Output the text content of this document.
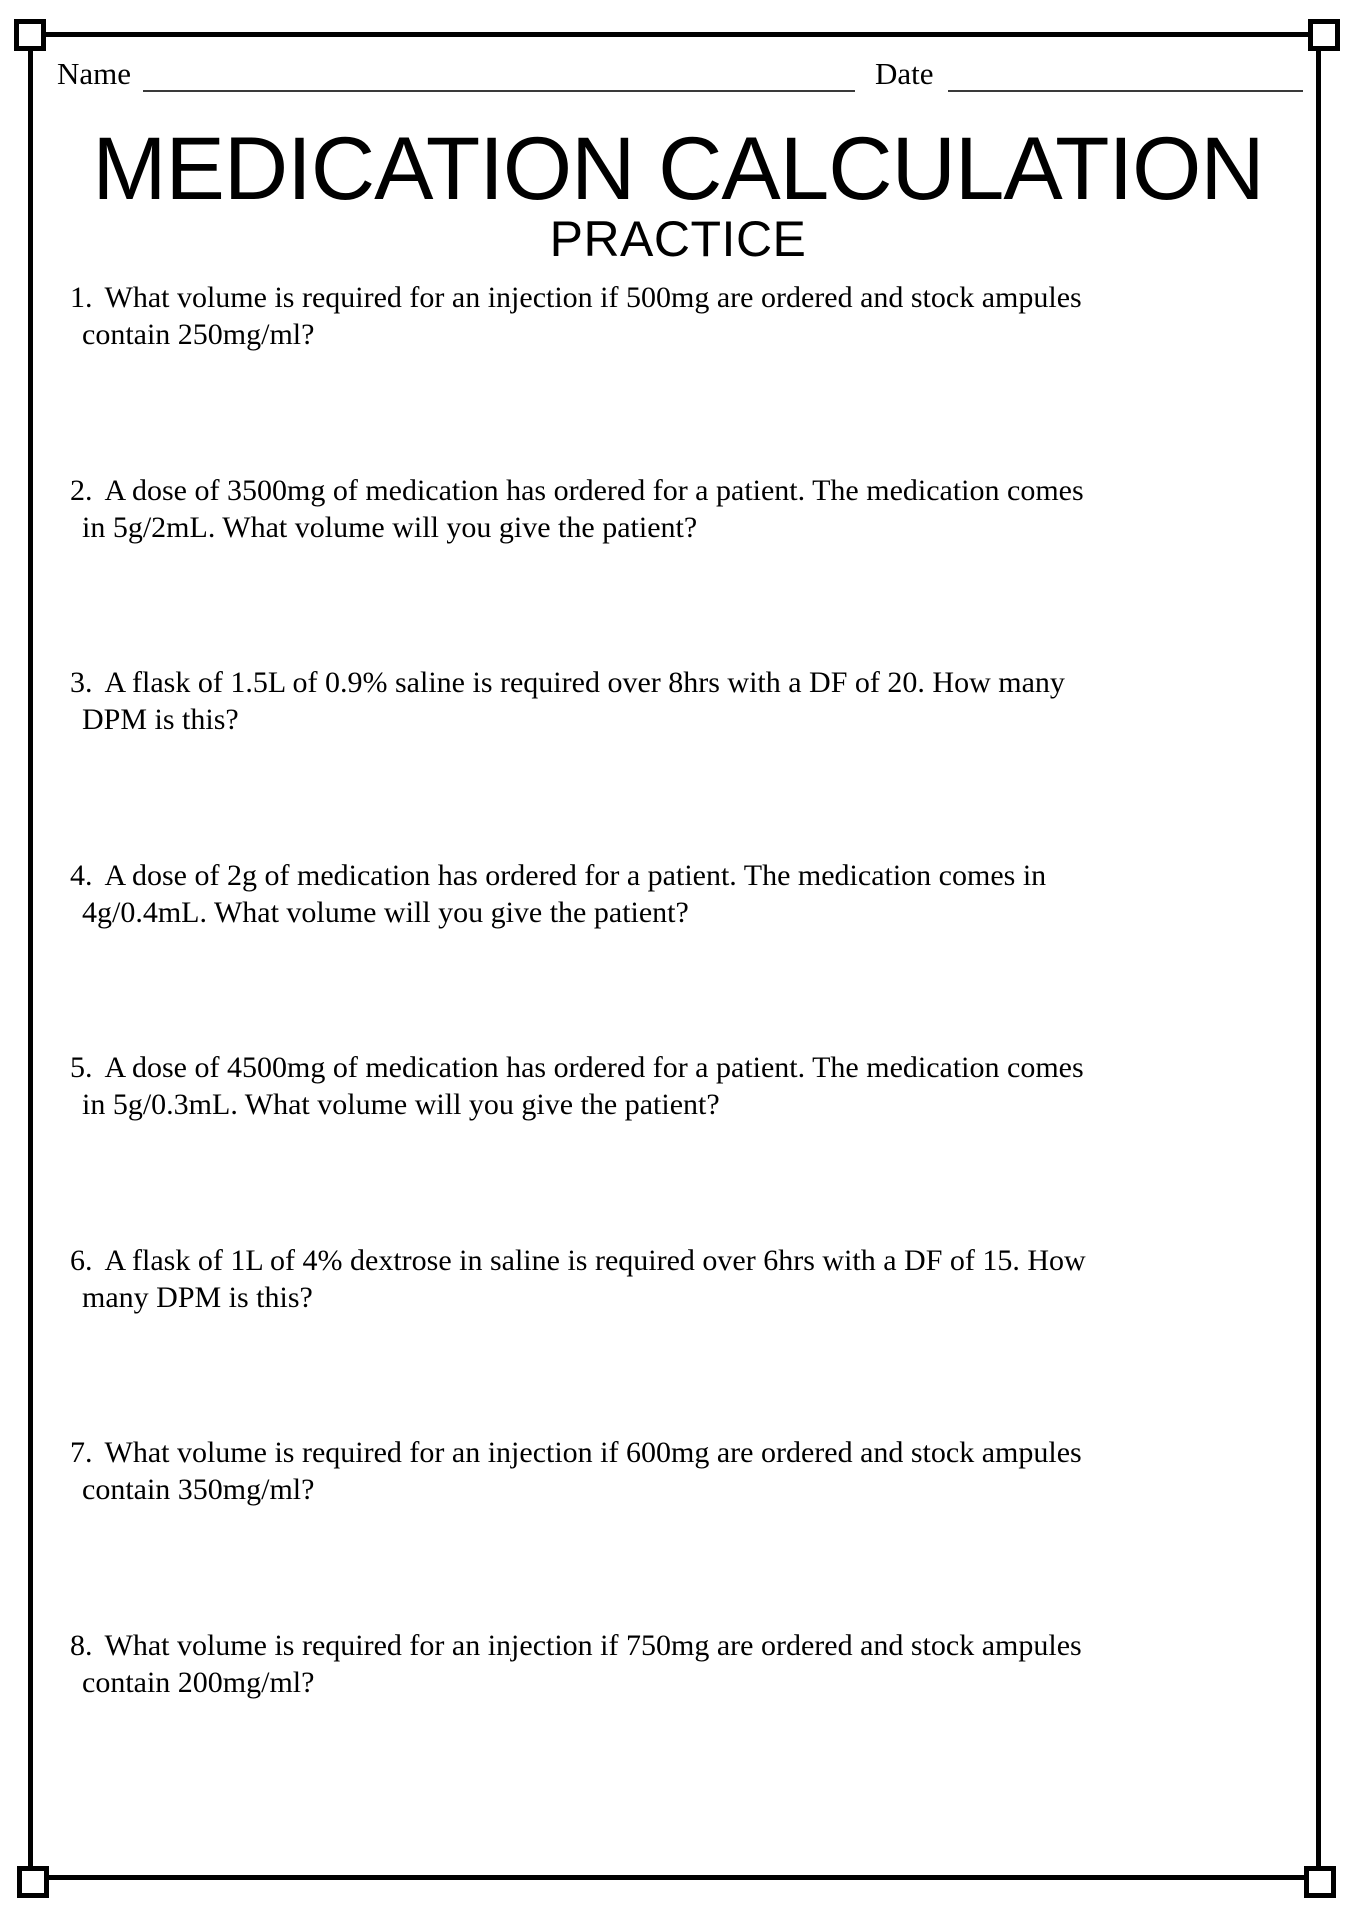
Name	Date
MEDICATION CALCULATION
PRACTICE
1. What volume is required for an injection if 500mg are ordered and stock ampules
contain 250mg/ml?
2. A dose of 3500mg of medication has ordered for a patient. The medication comes
in 5g/2mL. What volume will you give the patient?
3. A flask of 1.5L of 0.9% saline is required over 8hrs with a DF of 20. How many
DPM is this?
4. A dose of 2g of medication has ordered for a patient. The medication comes in
4g/0.4mL. What volume will you give the patient?
5. A dose of 4500mg of medication has ordered for a patient. The medication comes
in 5g/0.3mL. What volume will you give the patient?
6. A flask of 1L of 4% dextrose in saline is required over 6hrs with a DF of 15. How
many DPM is this?
7. What volume is required for an injection if 600mg are ordered and stock ampules
contain 350mg/ml?
8. What volume is required for an injection if 750mg are ordered and stock ampules
contain 200mg/ml?
